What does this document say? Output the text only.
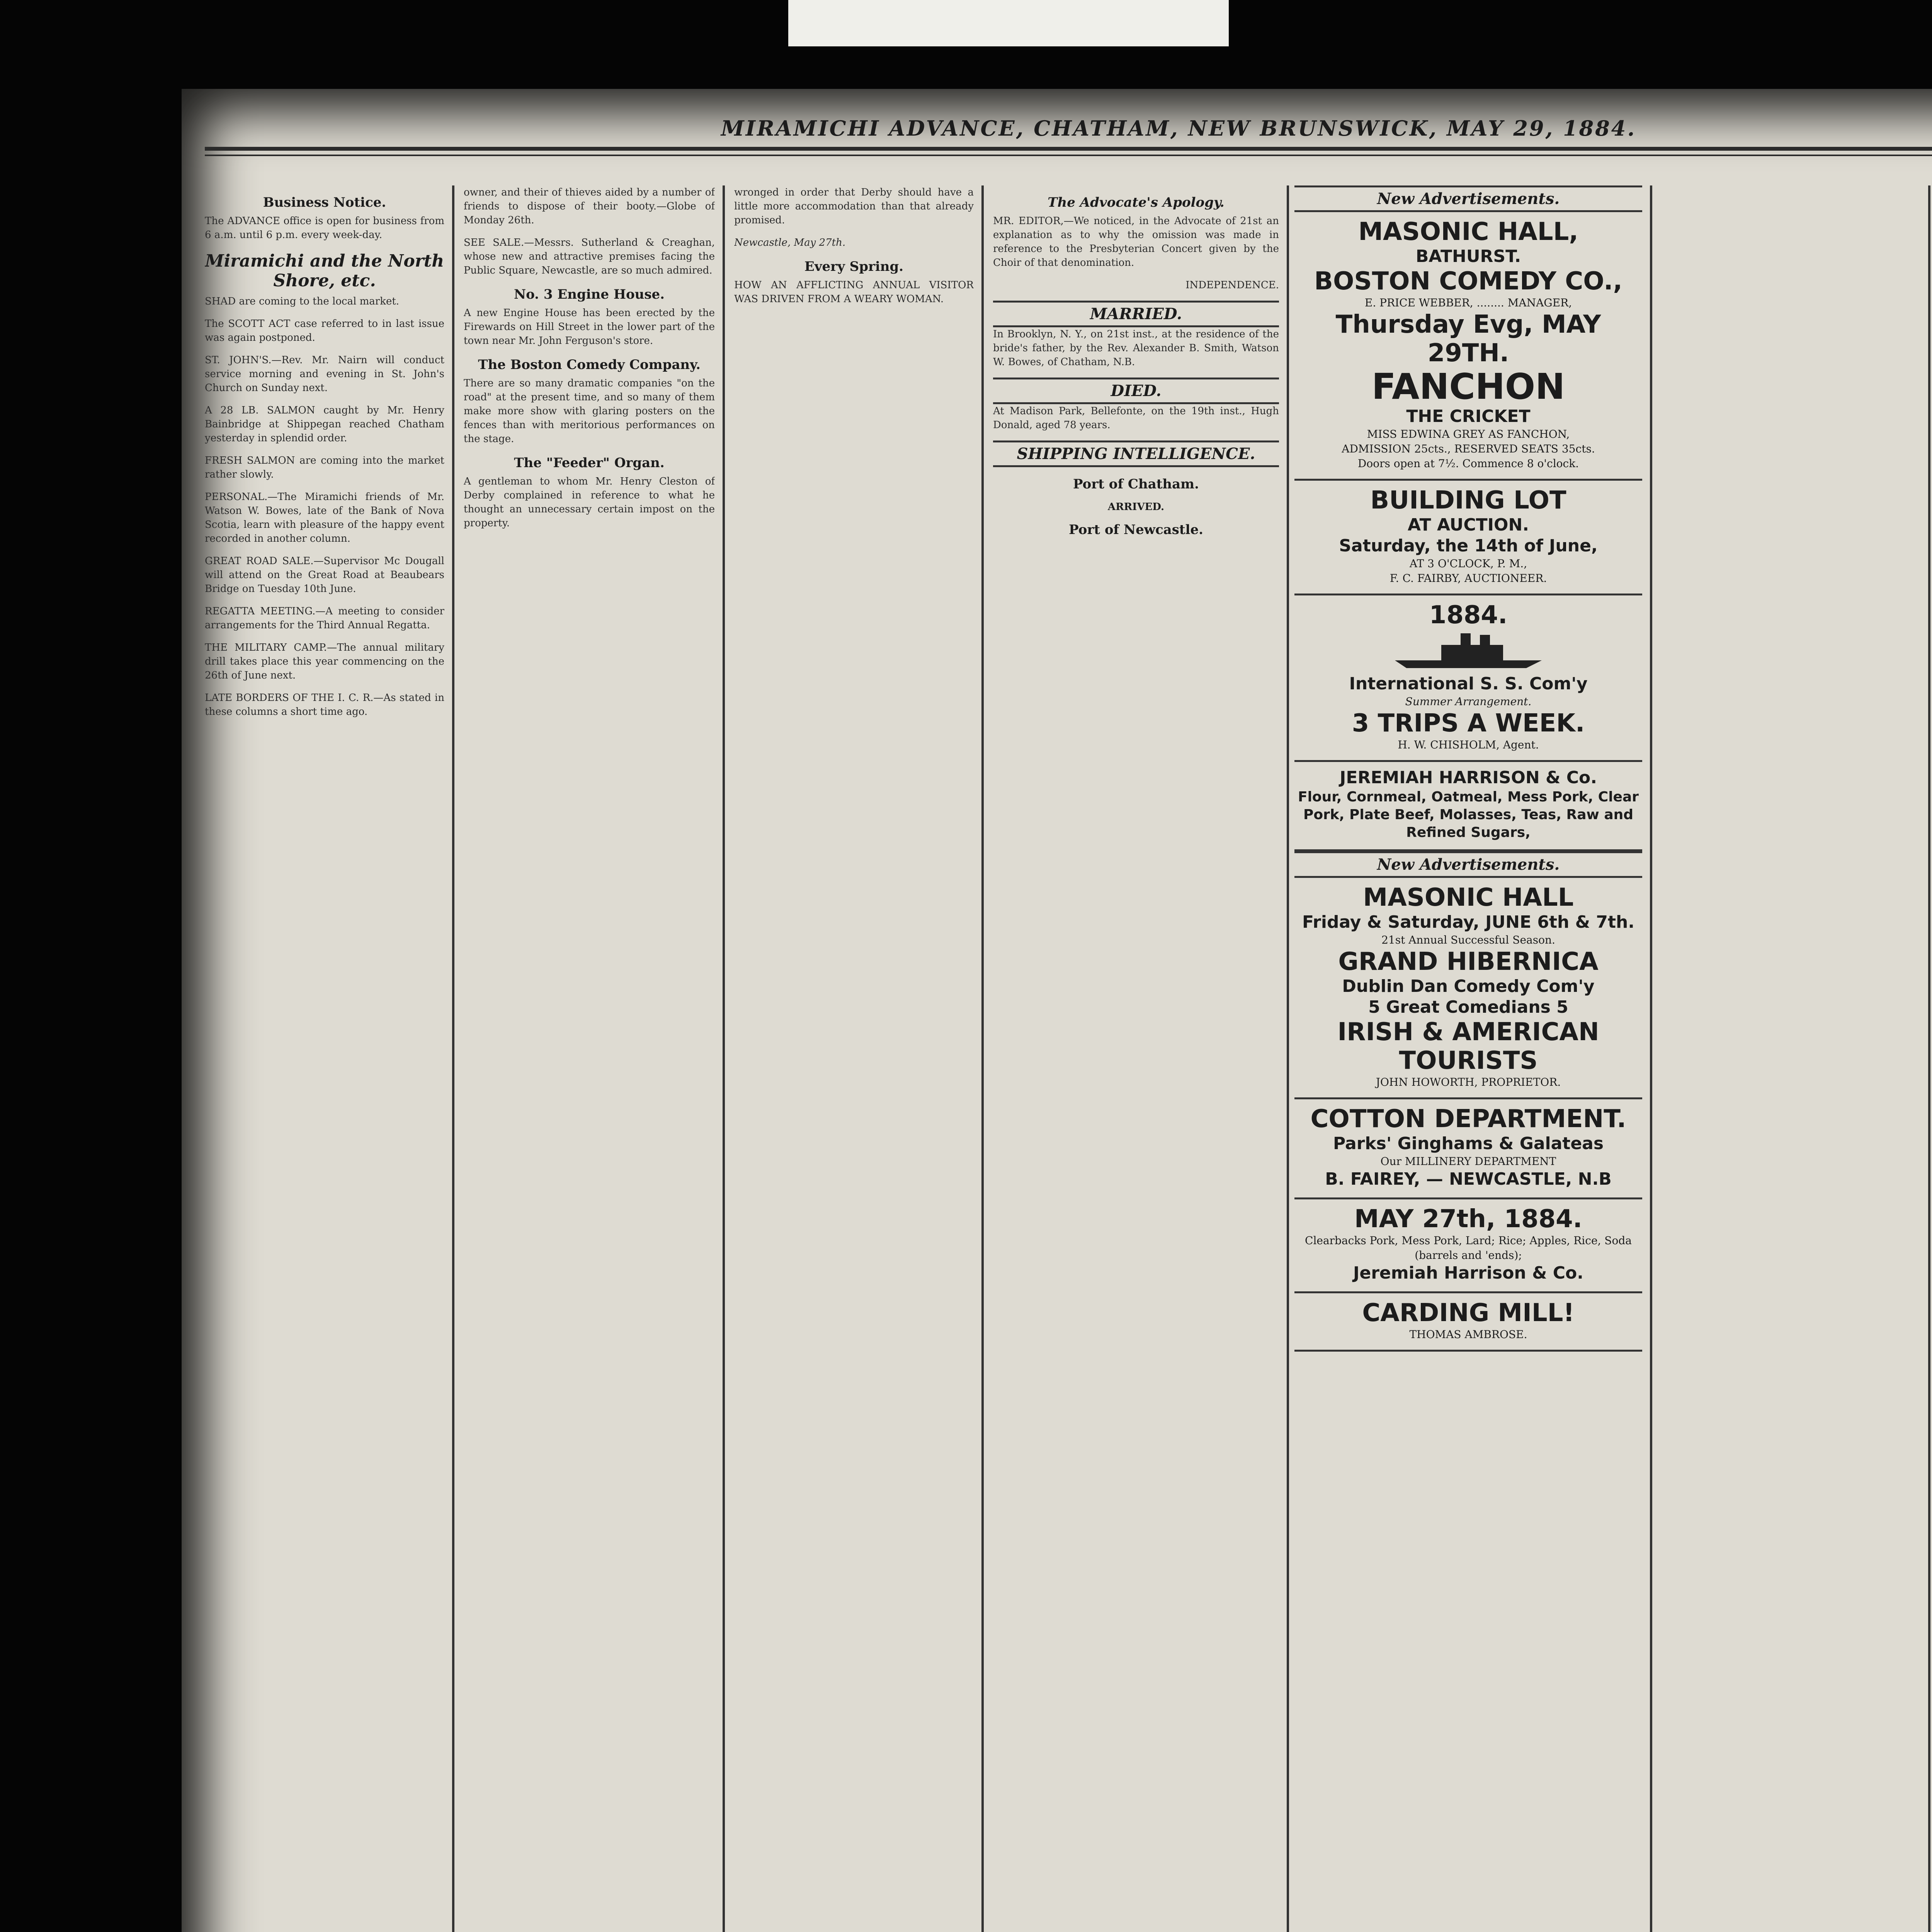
MIRAMICHI ADVANCE, CHATHAM, NEW BRUNSWICK, MAY 29, 1884.
Business Notice.

The ADVANCE office is open for business from 6 a.m. until 6 p.m. every week-day.

Miramichi and the North Shore, etc.

SHAD are coming to the local market.

The SCOTT ACT case referred to in last issue was again postponed.

ST. JOHN'S.—Rev. Mr. Nairn will conduct service morning and evening in St. John's Church on Sunday next.

A 28 LB. SALMON caught by Mr. Henry Bainbridge at Shippegan reached Chatham yesterday in splendid order.

FRESH SALMON are coming into the market rather slowly.

PERSONAL.—The Miramichi friends of Mr. Watson W. Bowes, late of the Bank of Nova Scotia, learn with pleasure of the happy event recorded in another column.

GREAT ROAD SALE.—Supervisor Mc Dougall will attend on the Great Road at Beaubears Bridge on Tuesday 10th June.

REGATTA MEETING.—A meeting to consider arrangements for the Third Annual Regatta.

THE MILITARY CAMP.—The annual military drill takes place this year commencing on the 26th of June next.

LATE BORDERS OF THE I. C. R.—As stated in these columns a short time ago.

owner, and their of thieves aided by a number of friends to dispose of their booty.—Globe of Monday 26th.

SEE SALE.—Messrs. Sutherland & Creaghan, whose new and attractive premises facing the Public Square, Newcastle, are so much admired.

No. 3 Engine House.

A new Engine House has been erected by the Firewards on Hill Street in the lower part of the town near Mr. John Ferguson's store.

The Boston Comedy Company.

There are so many dramatic companies "on the road" at the present time, and so many of them make more show with glaring posters on the fences than with meritorious performances on the stage.

The "Feeder" Organ.

A gentleman to whom Mr. Henry Cleston of Derby complained in reference to what he thought an unnecessary certain impost on the property.

wronged in order that Derby should have a little more accommodation than that already promised.

Newcastle, May 27th.

Every Spring.

HOW AN AFFLICTING ANNUAL VISITOR WAS DRIVEN FROM A WEARY WOMAN.

The Advocate's Apology.

MR. EDITOR,—We noticed, in the Advocate of 21st an explanation as to why the omission was made in reference to the Presbyterian Concert given by the Choir of that denomination.

INDEPENDENCE.

MARRIED.

In Brooklyn, N. Y., on 21st inst., at the residence of the bride's father, by the Rev. Alexander B. Smith, Watson W. Bowes, of Chatham, N.B.

DIED.

At Madison Park, Bellefonte, on the 19th inst., Hugh Donald, aged 78 years.

SHIPPING INTELLIGENCE.
Port of Chatham.
ARRIVED.
Port of Newcastle.
New Advertisements.
MASONIC HALL,
BATHURST.
BOSTON COMEDY CO.,
E. PRICE WEBBER, ........ MANAGER,
Thursday Evg, MAY 29TH.
FANCHON
THE CRICKET
MISS EDWINA GREY AS FANCHON,
ADMISSION 25cts., RESERVED SEATS 35cts.
Doors open at 7½. Commence 8 o'clock.
BUILDING LOT
AT AUCTION.
Saturday, the 14th of June,
AT 3 O'CLOCK, P. M.,
F. C. FAIRBY, AUCTIONEER.
1884.
International S. S. Com'y
Summer Arrangement.
3 TRIPS A WEEK.
H. W. CHISHOLM, Agent.
JEREMIAH HARRISON & Co.
Flour, Cornmeal, Oatmeal, Mess Pork, Clear Pork, Plate Beef, Molasses, Teas, Raw and Refined Sugars,
New Advertisements.
MASONIC HALL
Friday & Saturday, JUNE 6th & 7th.
21st Annual Successful Season.
GRAND HIBERNICA
Dublin Dan Comedy Com'y
5 Great Comedians 5
IRISH & AMERICAN TOURISTS
JOHN HOWORTH, PROPRIETOR.
COTTON DEPARTMENT.
Parks' Ginghams & Galateas
Our MILLINERY DEPARTMENT
B. FAIREY, — NEWCASTLE, N.B
MAY 27th, 1884.
Clearbacks Pork, Mess Pork, Lard; Rice; Apples, Rice, Soda (barrels and 'ends);
Jeremiah Harrison & Co.
CARDING MILL!
THOMAS AMBROSE.
